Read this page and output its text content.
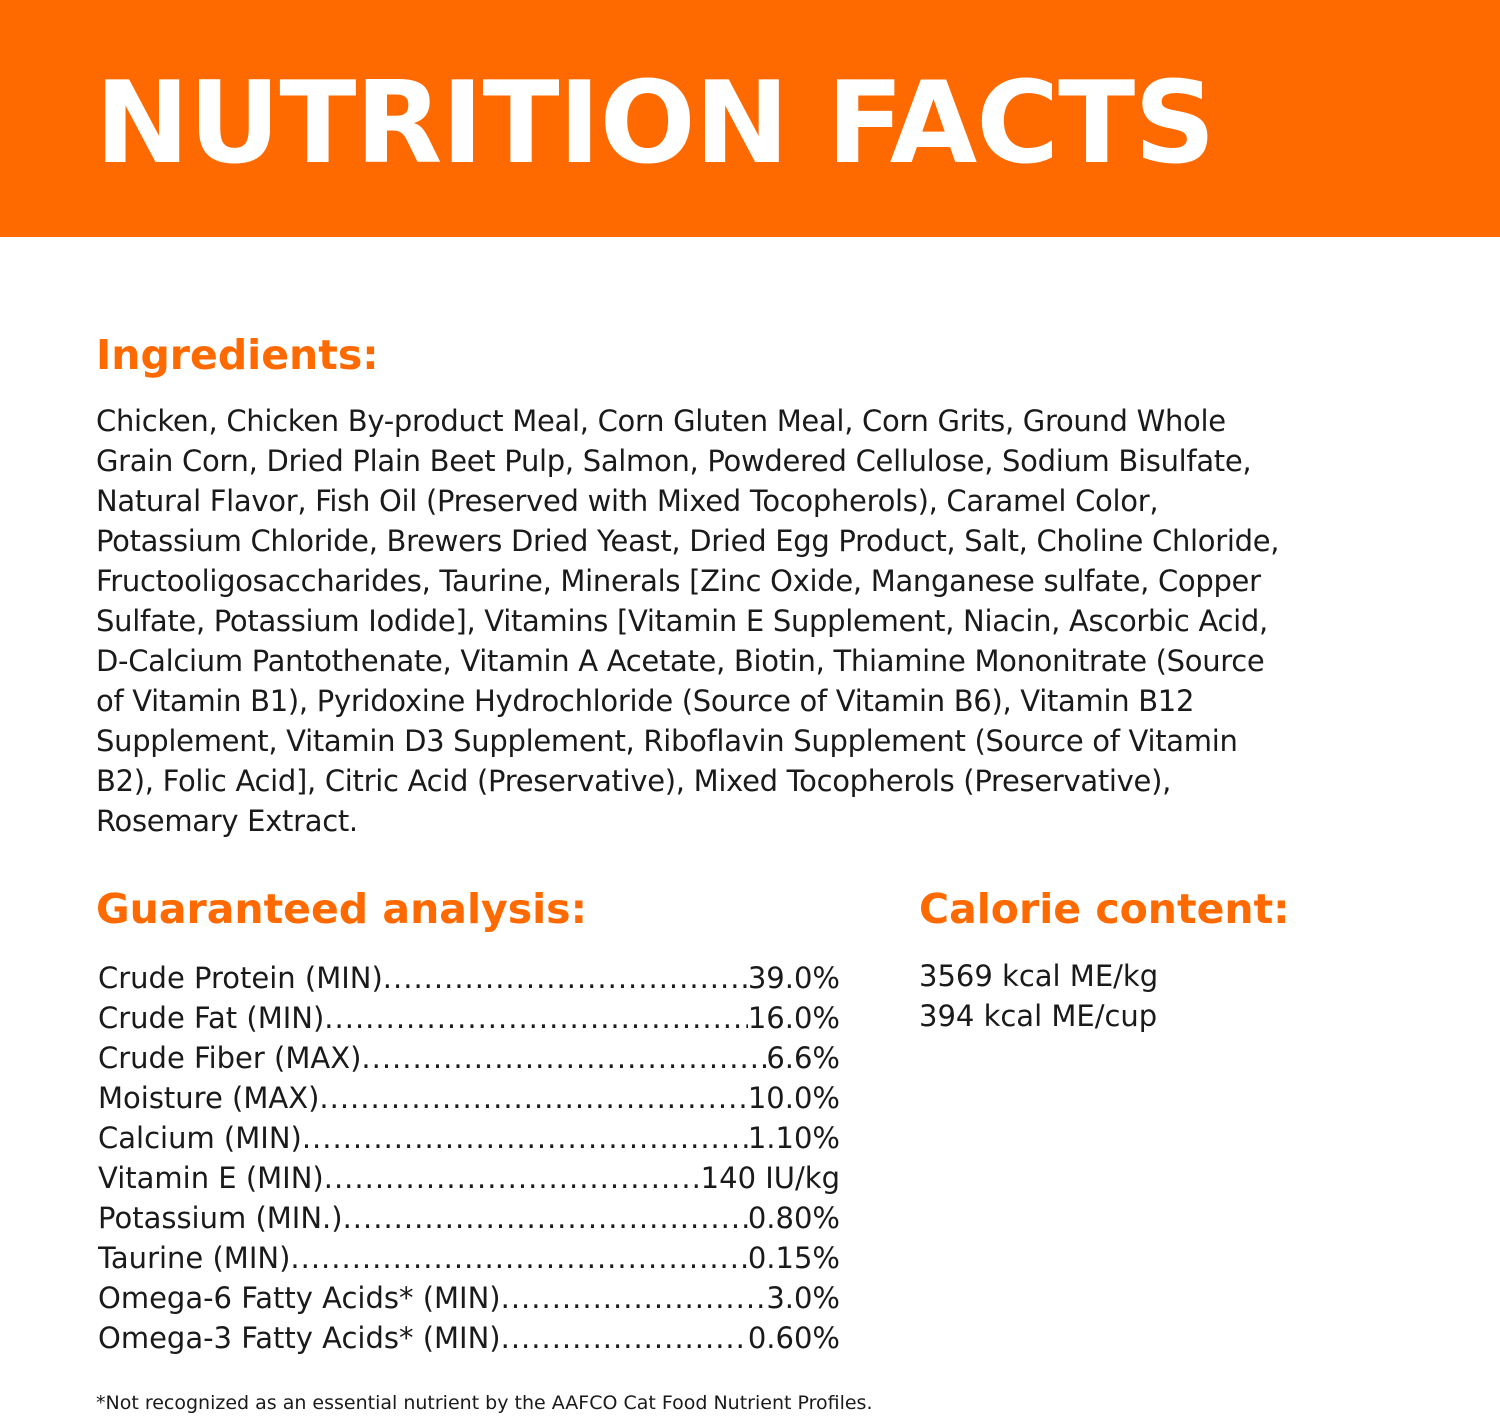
NUTRITION FACTS
Ingredients:

Chicken, Chicken By-product Meal, Corn Gluten Meal, Corn Grits, Ground Whole
Grain Corn, Dried Plain Beet Pulp, Salmon, Powdered Cellulose, Sodium Bisulfate,
Natural Flavor, Fish Oil (Preserved with Mixed Tocopherols), Caramel Color,
Potassium Chloride, Brewers Dried Yeast, Dried Egg Product, Salt, Choline Chloride,
Fructooligosaccharides, Taurine, Minerals [Zinc Oxide, Manganese sulfate, Copper
Sulfate, Potassium Iodide], Vitamins [Vitamin E Supplement, Niacin, Ascorbic Acid,
D-Calcium Pantothenate, Vitamin A Acetate, Biotin, Thiamine Mononitrate (Source
of Vitamin B1), Pyridoxine Hydrochloride (Source of Vitamin B6), Vitamin B12
Supplement, Vitamin D3 Supplement, Riboflavin Supplement (Source of Vitamin
B2), Folic Acid], Citric Acid (Preservative), Mixed Tocopherols (Preservative),
Rosemary Extract.

Guaranteed analysis:
Crude Protein (MIN) .....	39.0%
Crude Fat (MIN) .....	16.0%
Crude Fiber (MAX) .....	6.6%
Moisture (MAX) .....	10.0%
Calcium (MIN) .....	1.10%
Vitamin E (MIN) .....	140 IU/kg
Potassium (MIN.) .....	0.80%
Taurine (MIN) .....	0.15%
Omega-6 Fatty Acids* (MIN) .....	3.0%
Omega-3 Fatty Acids* (MIN) .....	0.60%
Calorie content:
3569 kcal ME/kg
394 kcal ME/cup

*Not recognized as an essential nutrient by the AAFCO Cat Food Nutrient Profiles.
